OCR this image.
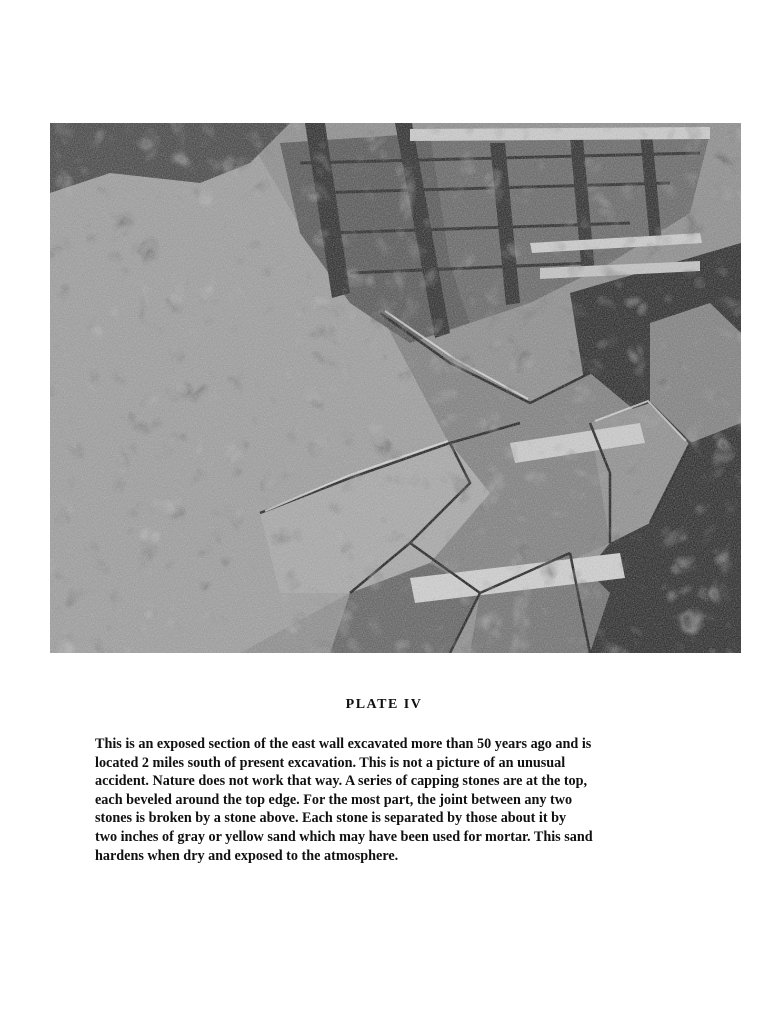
PLATE IV
This is an exposed section of the east wall excavated more than 50 years ago and is
located 2 miles south of present excavation. This is not a picture of an unusual
accident. Nature does not work that way. A series of capping stones are at the top,
each beveled around the top edge. For the most part, the joint between any two
stones is broken by a stone above. Each stone is separated by those about it by
two inches of gray or yellow sand which may have been used for mortar. This sand
hardens when dry and exposed to the atmosphere.
